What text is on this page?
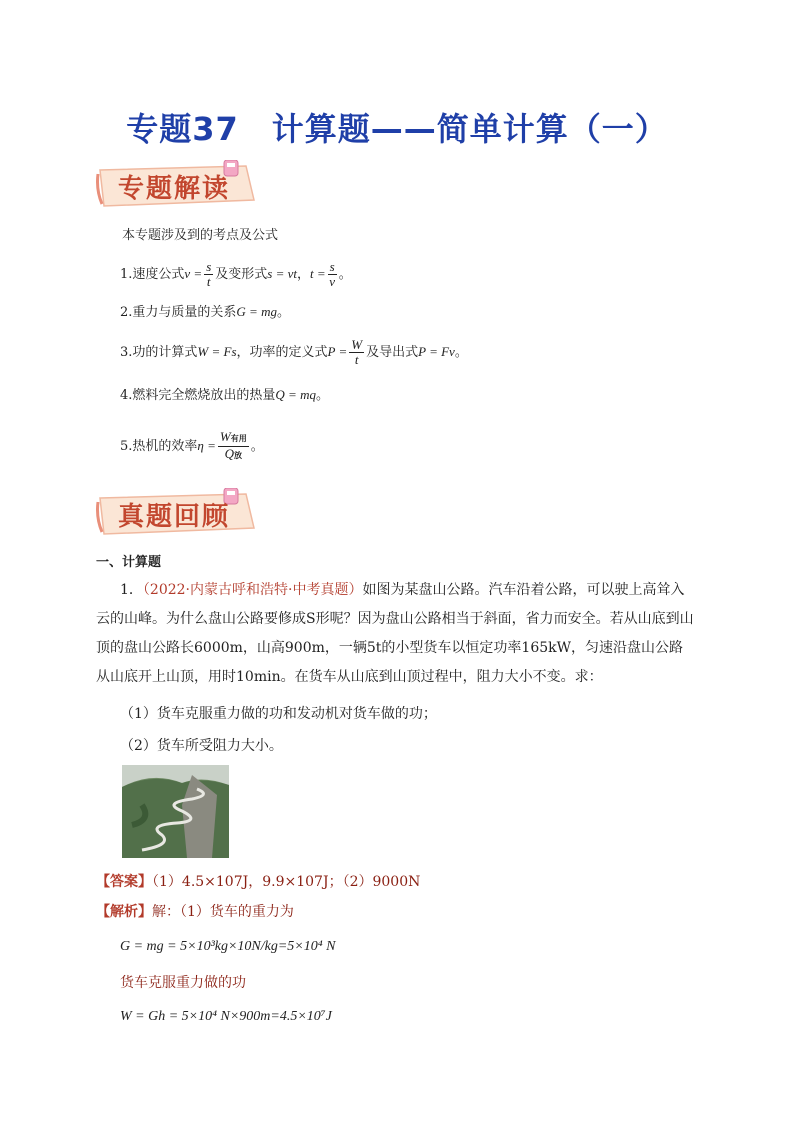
专题37　计算题——简单计算（一）
专题解读
本专题涉及到的考点及公式
1.速度公式$v = \frac{s}{t}$ 及变形式s = vt，$t = \frac{s}{v}$ 。
2.重力与质量的关系G = mg。
3.功的计算式W = Fs，功率的定义式$P = \frac{W}{t}$ 及导出式P = Fv。
4.燃料完全燃烧放出的热量Q = mq。
5.热机的效率$\eta = \frac{\text{W有用}}{\text{Q放}}$ 。
真题回顾
一、计算题
1．（2022·内蒙古呼和浩特·中考真题）如图为某盘山公路。汽车沿着公路，可以驶上高耸入云的山峰。为什么盘山公路要修成S形呢？因为盘山公路相当于斜面，省力而安全。若从山底到山顶的盘山公路长6000m，山高900m，一辆5t的小型货车以恒定功率165kW，匀速沿盘山公路从山底开上山顶，用时10min。在货车从山底到山顶过程中，阻力大小不变。求：
（1）货车克服重力做的功和发动机对货车做的功；
（2）货车所受阻力大小。
【答案】（1）4.5×107J，9.9×107J；（2）9000N
【解析】解：（1）货车的重力为
G = mg = 5×10³kg×10N/kg=5×10⁴ N
货车克服重力做的功
W = Gh = 5×10⁴ N×900m=4.5×10⁷J
